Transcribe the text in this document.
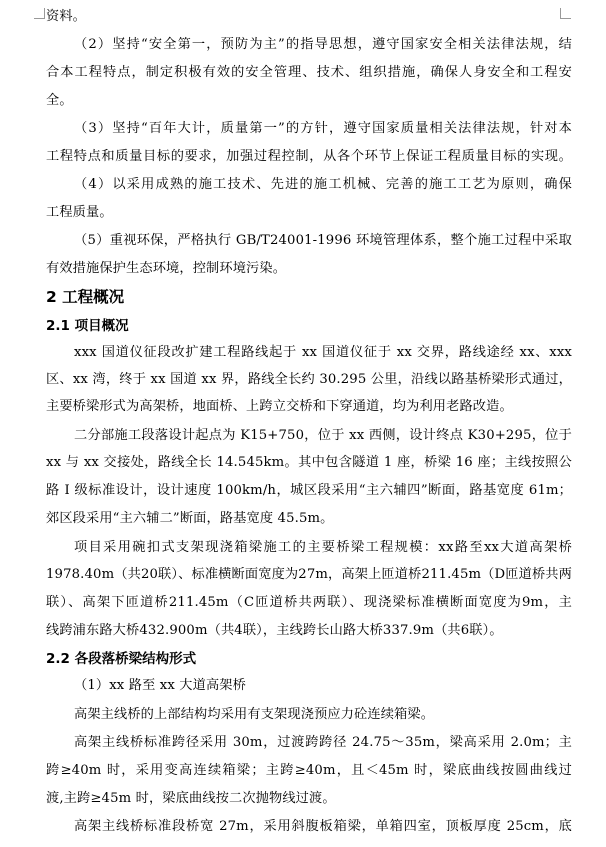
资料。
（2）坚持“安全第一，预防为主”的指导思想，遵守国家安全相关法律法规，结
合本工程特点，制定积极有效的安全管理、技术、组织措施，确保人身安全和工程安
全。
（3）坚持“百年大计，质量第一”的方针，遵守国家质量相关法律法规，针对本
工程特点和质量目标的要求，加强过程控制，从各个环节上保证工程质量目标的实现。
（4）以采用成熟的施工技术、先进的施工机械、完善的施工工艺为原则，确保
工程质量。
（5）重视环保，严格执行 GB/T24001-1996 环境管理体系，整个施工过程中采取
有效措施保护生态环境，控制环境污染。
2 工程概况
2.1 项目概况
xxx 国道仪征段改扩建工程路线起于 xx 国道仪征于 xx 交界，路线途经 xx、xxx
区、xx 湾，终于 xx 国道 xx 界，路线全长约 30.295 公里，沿线以路基桥梁形式通过，
主要桥梁形式为高架桥，地面桥、上跨立交桥和下穿通道，均为利用老路改造。
二分部施工段落设计起点为 K15+750，位于 xx 西侧，设计终点 K30+295，位于
xx 与 xx 交接处，路线全长 14.545km。其中包含隧道 1 座，桥梁 16 座；主线按照公
路 I 级标准设计，设计速度 100km/h，城区段采用“主六辅四”断面，路基宽度 61m；
郊区段采用“主六辅二”断面，路基宽度 45.5m。
项目采用碗扣式支架现浇箱梁施工的主要桥梁工程规模：xx路至xx大道高架桥
1978.40m（共20联）、标准横断面宽度为27m，高架上匝道桥211.45m（D匝道桥共两
联）、高架下匝道桥211.45m（C匝道桥共两联）、现浇梁标准横断面宽度为9m，主
线跨浦东路大桥432.900m（共4联），主线跨长山路大桥337.9m（共6联）。
2.2 各段落桥梁结构形式
（1）xx 路至 xx 大道高架桥
高架主线桥的上部结构均采用有支架现浇预应力砼连续箱梁。
高架主线桥标准跨径采用 30m，过渡跨跨径 24.75～35m，梁高采用 2.0m；主
跨≥40m 时，采用变高连续箱梁；主跨≥40m，且＜45m 时，梁底曲线按圆曲线过
渡,主跨≥45m 时，梁底曲线按二次抛物线过渡。
高架主线桥标准段桥宽 27m，采用斜腹板箱梁，单箱四室，顶板厚度 25cm，底
